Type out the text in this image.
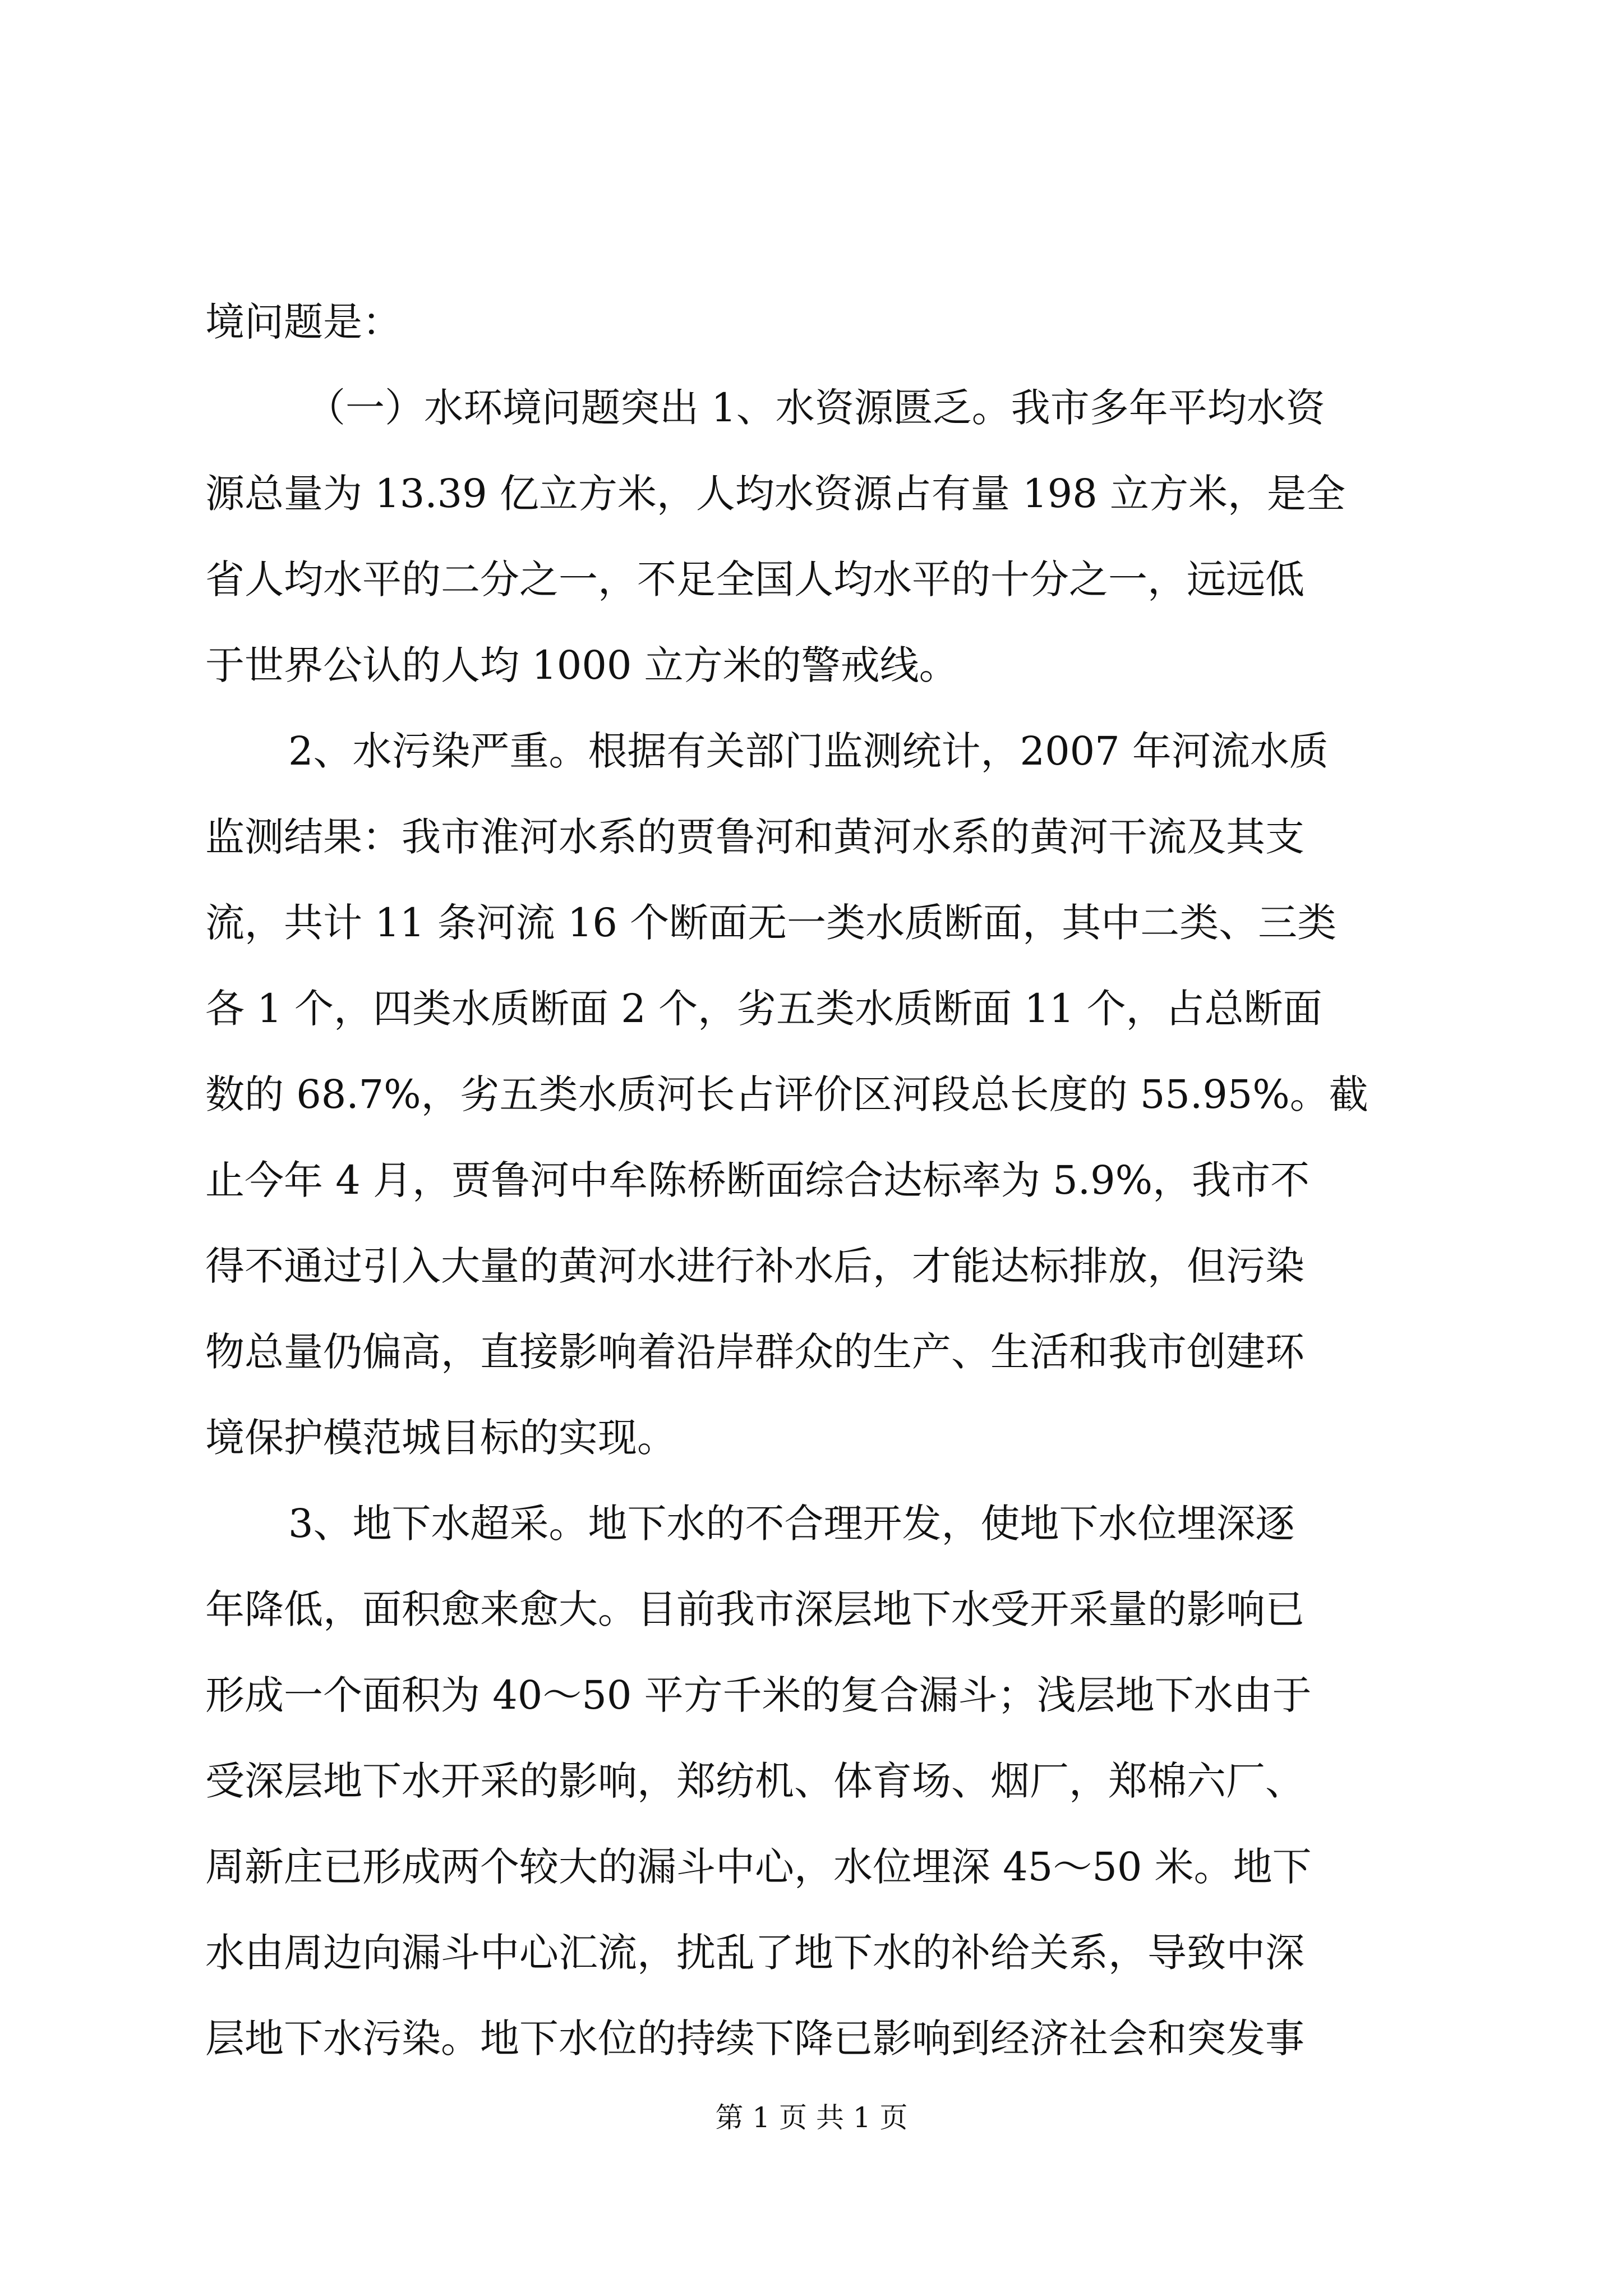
境问题是：
（一）水环境问题突出 1、水资源匮乏。我市多年平均水资
源总量为 13.39 亿立方米，人均水资源占有量 198 立方米，是全
省人均水平的二分之一，不足全国人均水平的十分之一，远远低
于世界公认的人均 1000 立方米的警戒线。
2、水污染严重。根据有关部门监测统计，2007 年河流水质
监测结果：我市淮河水系的贾鲁河和黄河水系的黄河干流及其支
流，共计 11 条河流 16 个断面无一类水质断面，其中二类、三类
各 1 个，四类水质断面 2 个，劣五类水质断面 11 个，占总断面
数的 68.7%，劣五类水质河长占评价区河段总长度的 55.95%。截
止今年 4 月，贾鲁河中牟陈桥断面综合达标率为 5.9%，我市不
得不通过引入大量的黄河水进行补水后，才能达标排放，但污染
物总量仍偏高，直接影响着沿岸群众的生产、生活和我市创建环
境保护模范城目标的实现。
3、地下水超采。地下水的不合理开发，使地下水位埋深逐
年降低，面积愈来愈大。目前我市深层地下水受开采量的影响已
形成一个面积为 40～50 平方千米的复合漏斗；浅层地下水由于
受深层地下水开采的影响，郑纺机、体育场、烟厂，郑棉六厂、
周新庄已形成两个较大的漏斗中心，水位埋深 45～50 米。地下
水由周边向漏斗中心汇流，扰乱了地下水的补给关系，导致中深
层地下水污染。地下水位的持续下降已影响到经济社会和突发事
第 1 页 共 1 页
